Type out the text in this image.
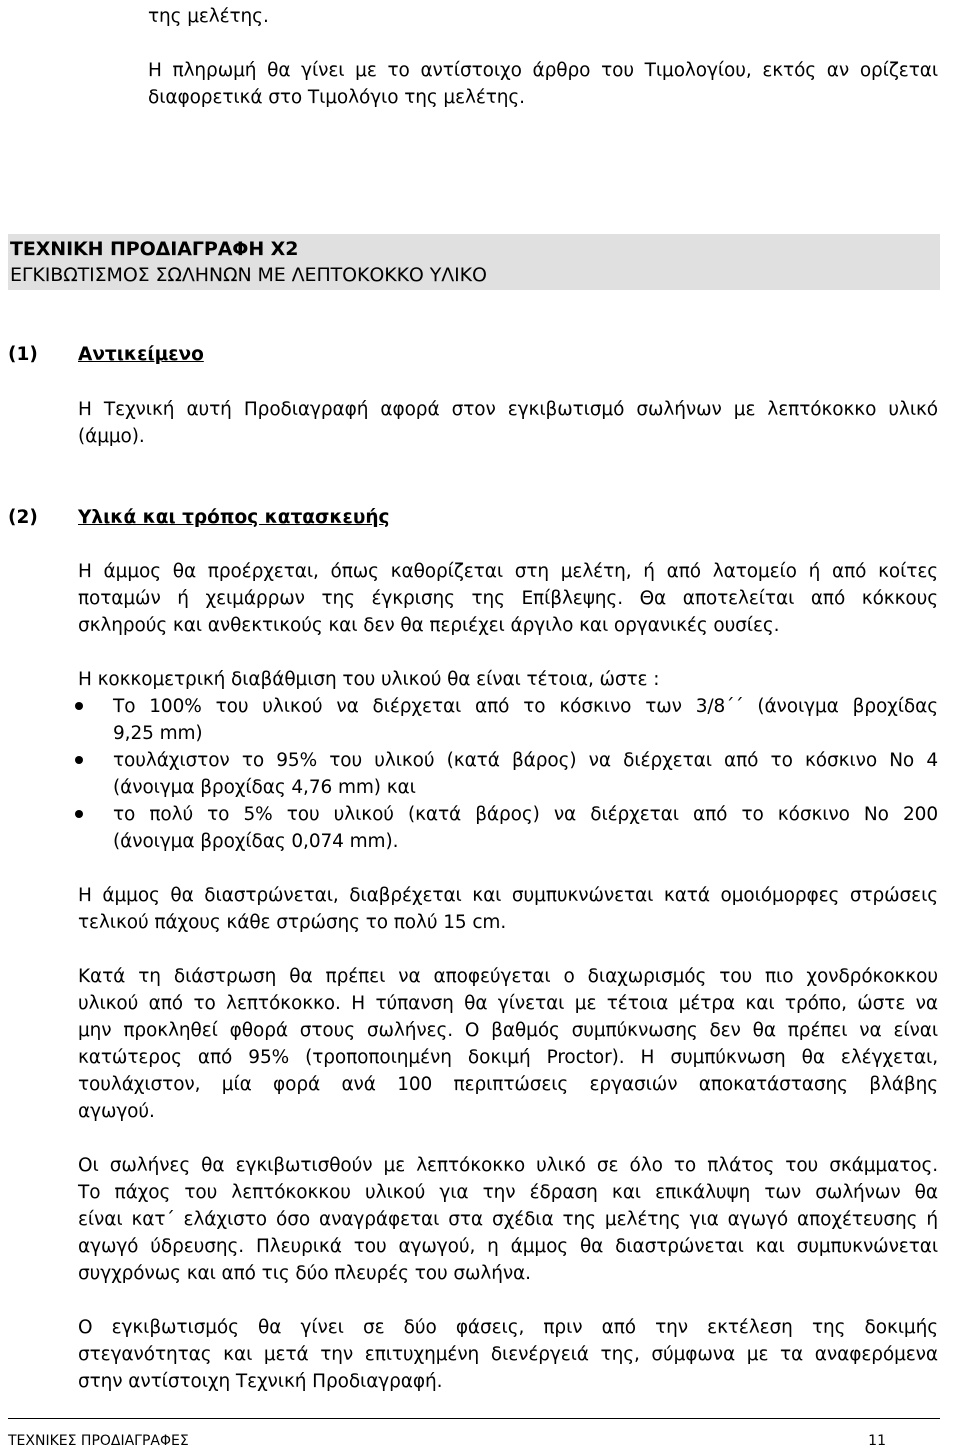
της μελέτης.

Η πληρωμή θα γίνει με το αντίστοιχο άρθρο του Τιμολογίου, εκτός αν ορίζεται

διαφορετικά στο Τιμολόγιο της μελέτης.

ΤΕΧΝΙΚΗ ΠΡΟΔΙΑΓΡΑΦΗ Χ2

ΕΓΚΙΒΩΤΙΣΜΟΣ ΣΩΛΗΝΩΝ ΜΕ ΛΕΠΤΟΚΟΚΚΟ ΥΛΙΚΟ

(1) Αντικείμενο

Η Τεχνική αυτή Προδιαγραφή αφορά στον εγκιβωτισμό σωλήνων με λεπτόκοκκο υλικό

(άμμο).

(2) Υλικά και τρόπος κατασκευής

Η άμμος θα προέρχεται, όπως καθορίζεται στη μελέτη, ή από λατομείο ή από κοίτες

ποταμών ή χειμάρρων της έγκρισης της Επίβλεψης. Θα αποτελείται από κόκκους

σκληρούς και ανθεκτικούς και δεν θα περιέχει άργιλο και οργανικές ουσίες.

Η κοκκομετρική διαβάθμιση του υλικού θα είναι τέτοια, ώστε :

Το 100% του υλικού να διέρχεται από το κόσκινο των 3/8΄΄ (άνοιγμα βροχίδας

9,25 mm)

τουλάχιστον το 95% του υλικού (κατά βάρος) να διέρχεται από το κόσκινο Νο 4

(άνοιγμα βροχίδας 4,76 mm) και

το πολύ το 5% του υλικού (κατά βάρος) να διέρχεται από το κόσκινο Νο 200

(άνοιγμα βροχίδας 0,074 mm).

Η άμμος θα διαστρώνεται, διαβρέχεται και συμπυκνώνεται κατά ομοιόμορφες στρώσεις

τελικού πάχους κάθε στρώσης το πολύ 15 cm.

Κατά τη διάστρωση θα πρέπει να αποφεύγεται ο διαχωρισμός του πιο χονδρόκοκκου

υλικού από το λεπτόκοκκο. Η τύπανση θα γίνεται με τέτοια μέτρα και τρόπο, ώστε να

μην προκληθεί φθορά στους σωλήνες. Ο βαθμός συμπύκνωσης δεν θα πρέπει να είναι

κατώτερος από 95% (τροποποιημένη δοκιμή Proctor). Η συμπύκνωση θα ελέγχεται,

τουλάχιστον, μία φορά ανά 100 περιπτώσεις εργασιών αποκατάστασης βλάβης

αγωγού.

Οι σωλήνες θα εγκιβωτισθούν με λεπτόκοκκο υλικό σε όλο το πλάτος του σκάμματος.

Το πάχος του λεπτόκοκκου υλικού για την έδραση και επικάλυψη των σωλήνων θα

είναι κατ΄ ελάχιστο όσο αναγράφεται στα σχέδια της μελέτης για αγωγό αποχέτευσης ή

αγωγό ύδρευσης. Πλευρικά του αγωγού, η άμμος θα διαστρώνεται και συμπυκνώνεται

συγχρόνως και από τις δύο πλευρές του σωλήνα.

Ο εγκιβωτισμός θα γίνει σε δύο φάσεις, πριν από την εκτέλεση της δοκιμής

στεγανότητας και μετά την επιτυχημένη διενέργειά της, σύμφωνα με τα αναφερόμενα

στην αντίστοιχη Τεχνική Προδιαγραφή.

ΤΕΧΝΙΚΕΣ ΠΡΟΔΙΑΓΡΑΦΕΣ	11
